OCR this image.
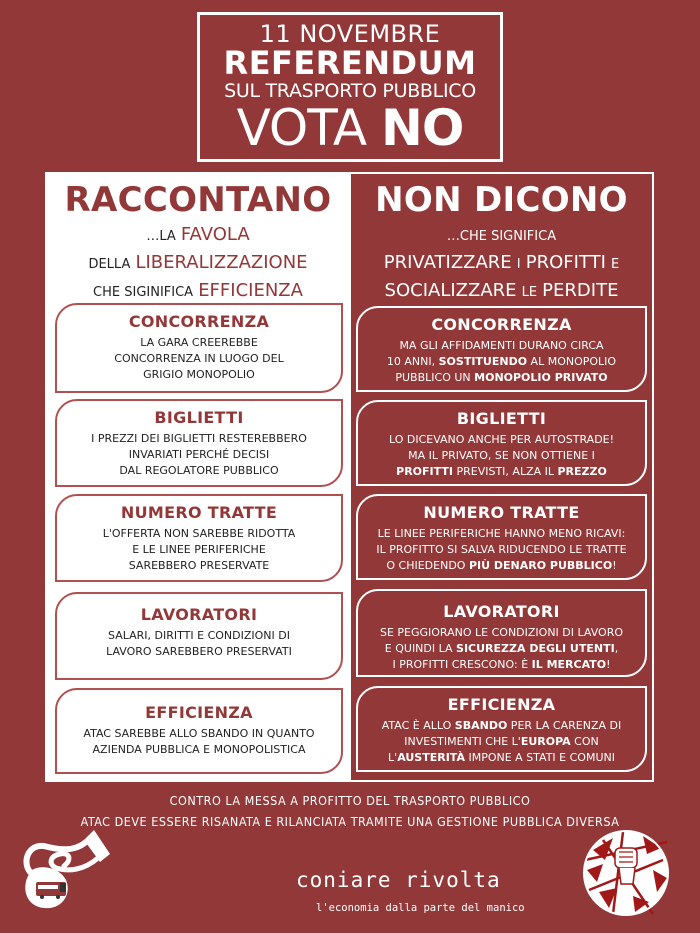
11 NOVEMBRE
REFERENDUM
SUL TRASPORTO PUBBLICO
VOTA NO
RACCONTANO
…LA FAVOLA
DELLA LIBERALIZZAZIONE
CHE SIGINIFICA EFFICIENZA
NON DICONO
…CHE SIGNIFICA
PRIVATIZZARE I PROFITTI E
SOCIALIZZARE LE PERDITE
CONCORRENZA
LA GARA CREEREBBE
CONCORRENZA IN LUOGO DEL
GRIGIO MONOPOLIO
BIGLIETTI
I PREZZI DEI BIGLIETTI RESTEREBBERO
INVARIATI PERCHÉ DECISI
DAL REGOLATORE PUBBLICO
NUMERO TRATTE
L'OFFERTA NON SAREBBE RIDOTTA
E LE LINEE PERIFERICHE
SAREBBERO PRESERVATE
LAVORATORI
SALARI, DIRITTI E CONDIZIONI DI
LAVORO SAREBBERO PRESERVATI
EFFICIENZA
ATAC SAREBBE ALLO SBANDO IN QUANTO
AZIENDA PUBBLICA E MONOPOLISTICA
CONCORRENZA
MA GLI AFFIDAMENTI DURANO CIRCA
10 ANNI, SOSTITUENDO AL MONOPOLIO
PUBBLICO UN MONOPOLIO PRIVATO
BIGLIETTI
LO DICEVANO ANCHE PER AUTOSTRADE!
MA IL PRIVATO, SE NON OTTIENE I
PROFITTI PREVISTI, ALZA IL PREZZO
NUMERO TRATTE
LE LINEE PERIFERICHE HANNO MENO RICAVI:
IL PROFITTO SI SALVA RIDUCENDO LE TRATTE
O CHIEDENDO PIÙ DENARO PUBBLICO!
LAVORATORI
SE PEGGIORANO LE CONDIZIONI DI LAVORO
E QUINDI LA SICUREZZA DEGLI UTENTI,
I PROFITTI CRESCONO: È IL MERCATO!
EFFICIENZA
ATAC È ALLO SBANDO PER LA CARENZA DI
INVESTIMENTI CHE L'EUROPA CON
L'AUSTERITÀ IMPONE A STATI E COMUNI
CONTRO LA MESSA A PROFITTO DEL TRASPORTO PUBBLICO
ATAC DEVE ESSERE RISANATA E RILANCIATA TRAMITE UNA GESTIONE PUBBLICA DIVERSA
coniare rivolta
l'economia dalla parte del manico
